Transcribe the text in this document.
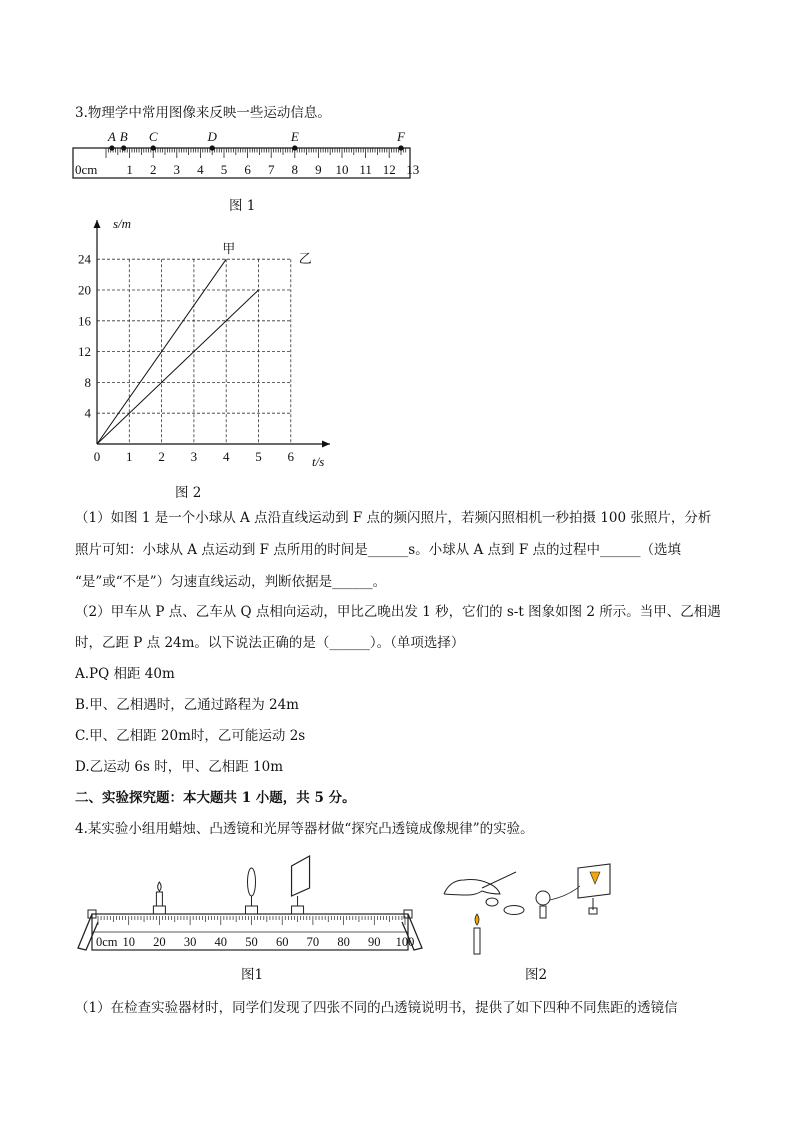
3.物理学中常用图像来反映一些运动信息。
0cm 1 2 3 4 5 6 7 8 9 10 11 12 13
A B C	D	E	F
图 1
0 1 2 3 4 5 6
4
8
12
16
20
24
s/m
t/s
甲
乙
图 2
（1）如图 1 是一个小球从 A 点沿直线运动到 F 点的频闪照片，若频闪照相机一秒拍摄 100 张照片，分析
照片可知：小球从 A 点运动到 F 点所用的时间是______s。小球从 A 点到 F 点的过程中______（选填
“是”或“不是”）匀速直线运动，判断依据是______。
（2）甲车从 P 点、乙车从 Q 点相向运动，甲比乙晚出发 1 秒，它们的 s-t 图象如图 2 所示。当甲、乙相遇
时，乙距 P 点 24m。以下说法正确的是（______）。（单项选择）
A.PQ 相距 40m
B.甲、乙相遇时，乙通过路程为 24m
C.甲、乙相距 20m时，乙可能运动 2s
D.乙运动 6s 时，甲、乙相距 10m
二、实验探究题：本大题共 1 小题，共 5 分。
4.某实验小组用蜡烛、凸透镜和光屏等器材做“探究凸透镜成像规律”的实验。
0cm 10 20 30 40 50 60 70 80 90 100
图1	图2
（1）在检查实验器材时，同学们发现了四张不同的凸透镜说明书，提供了如下四种不同焦距的透镜信
